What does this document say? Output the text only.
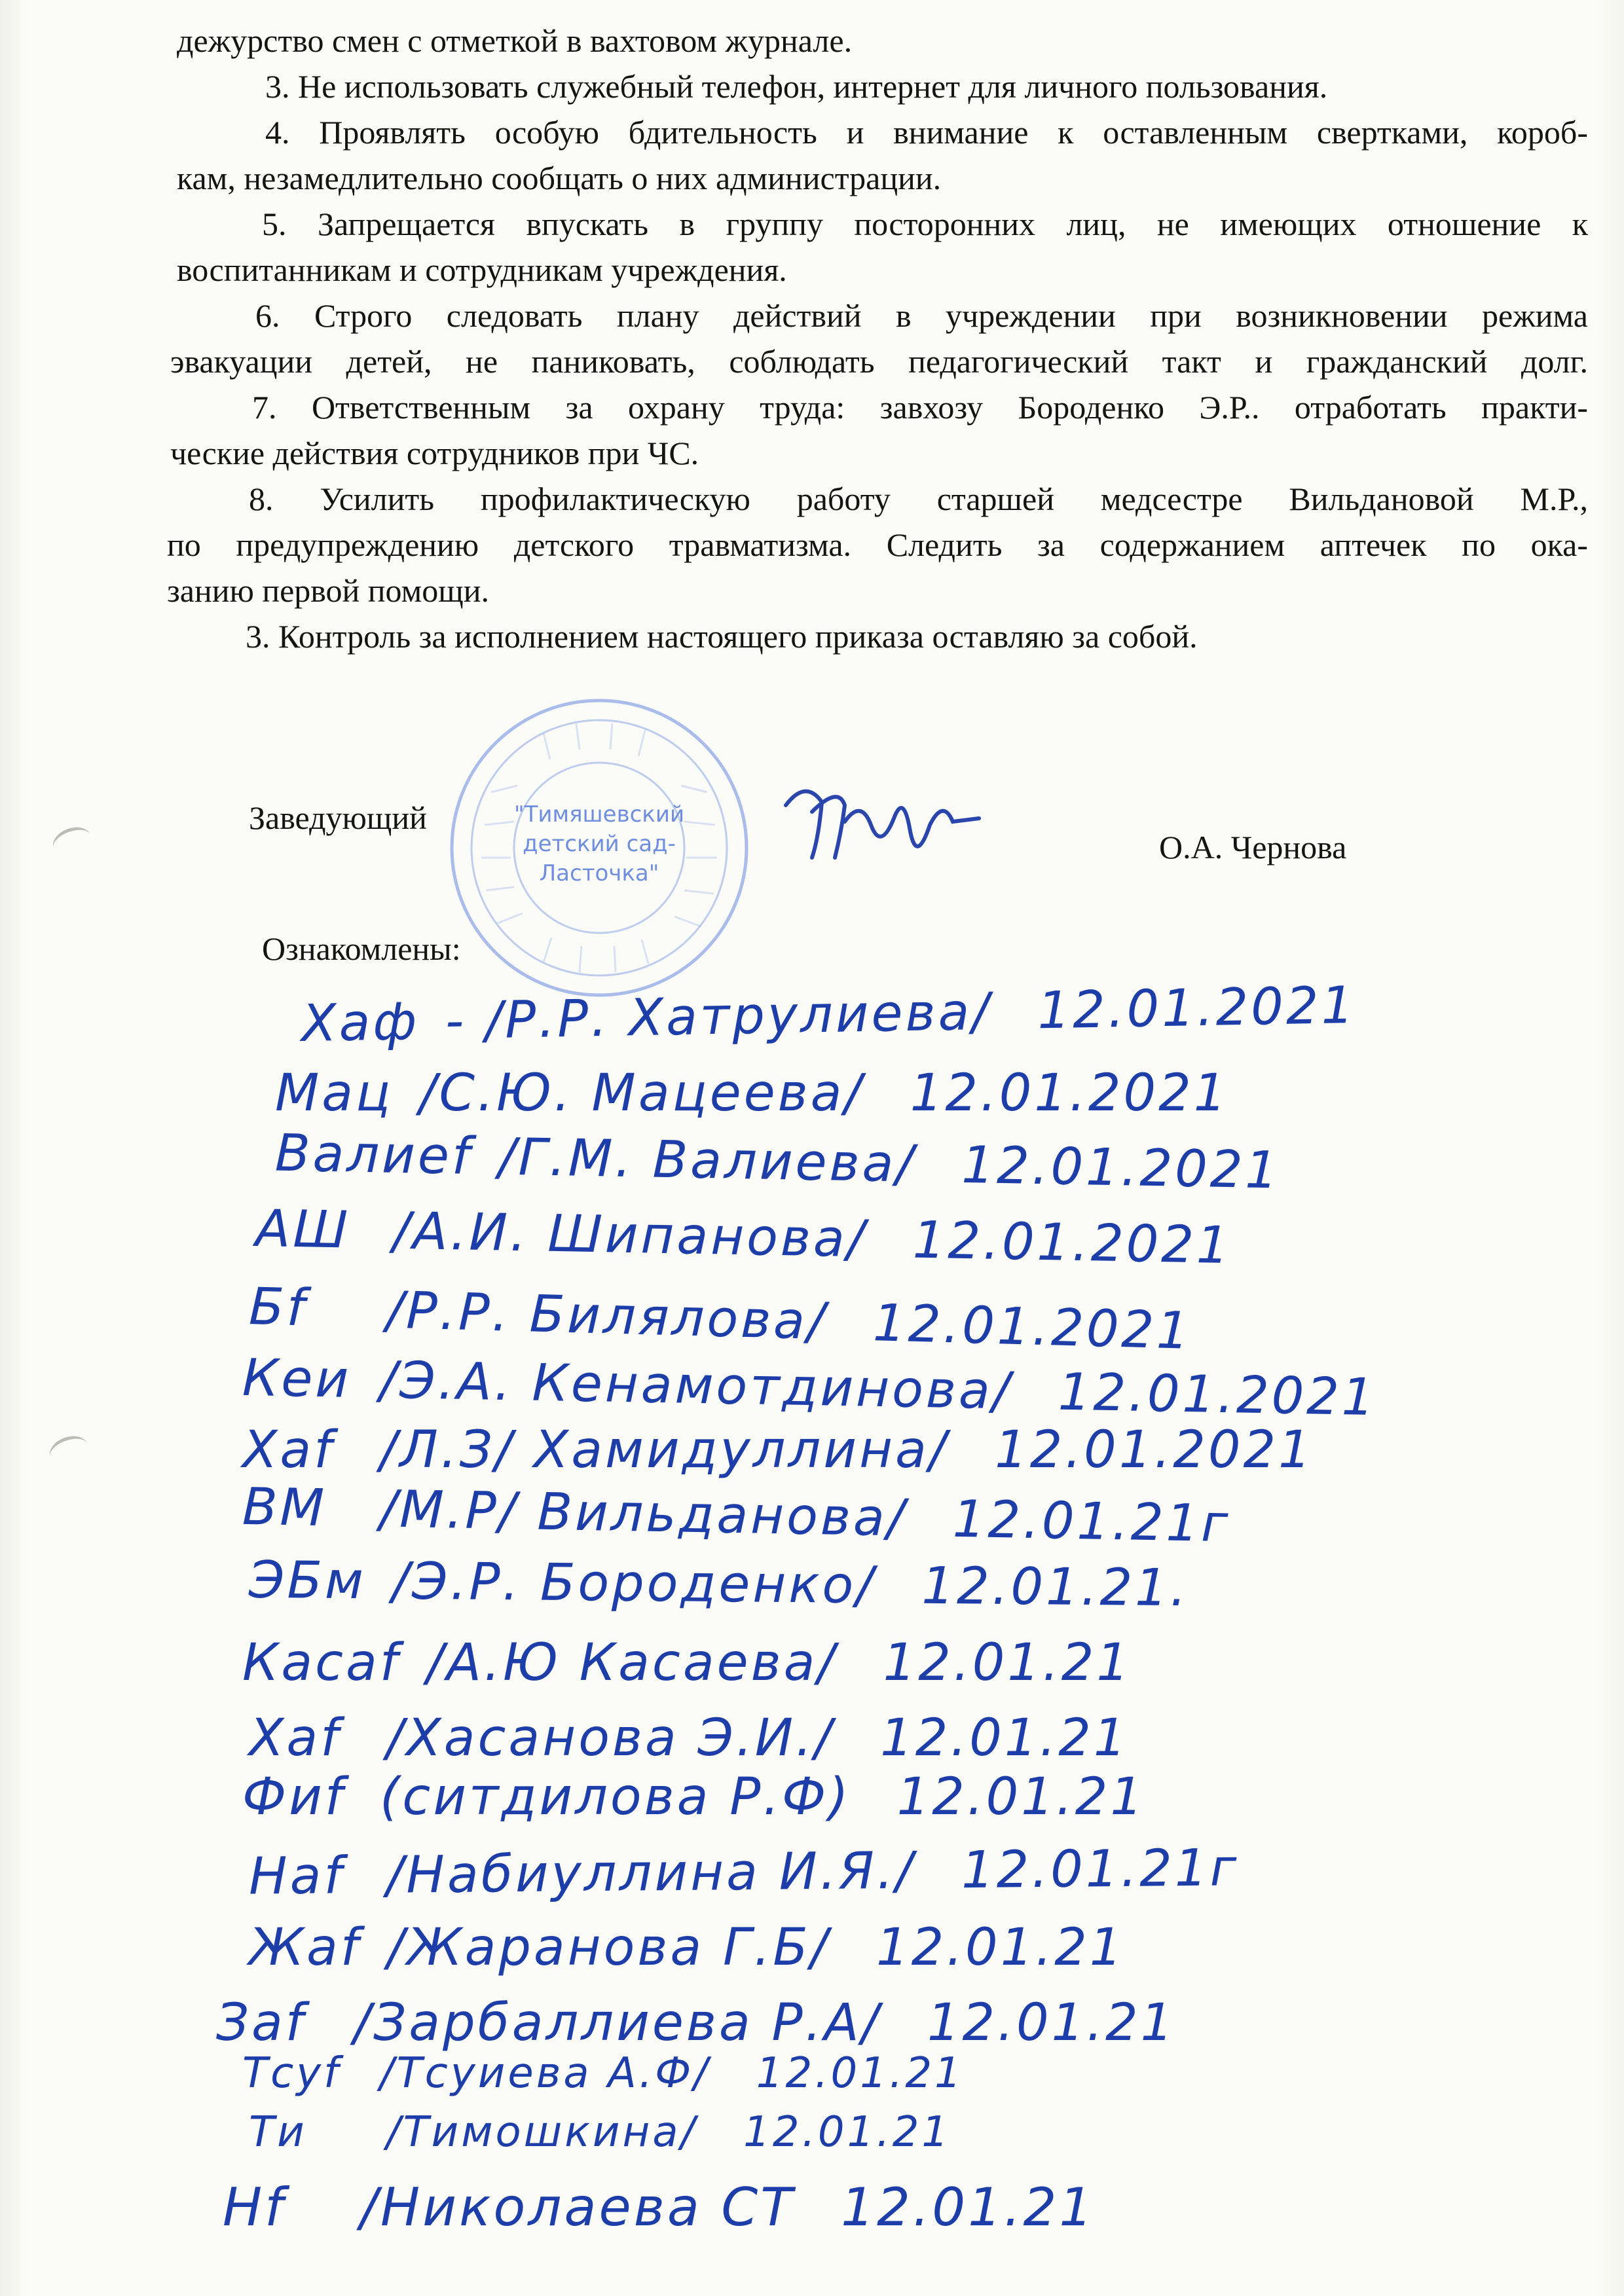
дежурство смен с отметкой в вахтовом журнале.
3. Не использовать служебный телефон, интернет для личного пользования.
4. Проявлять особую бдительность и внимание к оставленным свертками, короб-
кам, незамедлительно сообщать о них администрации.
5. Запрещается впускать в группу посторонних лиц, не имеющих отношение к
воспитанникам и сотрудникам учреждения.
6. Строго следовать плану действий в учреждении при возникновении режима
эвакуации детей, не паниковать, соблюдать педагогический такт и гражданский долг.
7. Ответственным за охрану труда: завхозу Бороденко Э.Р.. отработать практи-
ческие действия сотрудников при ЧС.
8. Усилить профилактическую работу старшей медсестре Вильдановой М.Р.,
по предупреждению детского травматизма. Следить за содержанием аптечек по ока-
занию первой помощи.
3. Контроль за исполнением настоящего приказа оставляю за собой.
"Тимяшевский
детский сад-
Ласточка"
Заведующий
О.А. Чернова
Ознакомлены:
Хаф - /Р.Р. Хатрулиева/ 12.01.2021
Мац /С.Ю. Мацеева/ 12.01.2021
Валиеf /Г.М. Валиева/ 12.01.2021
АШ /А.И. Шипанова/ 12.01.2021
Бf /Р.Р. Билялова/ 12.01.2021
Кеи /Э.А. Кенамотдинова/ 12.01.2021
Хаf /Л.З/ Хамидуллина/ 12.01.2021
ВМ /М.Р/ Вильданова/ 12.01.21г
ЭБм /Э.Р. Бороденко/ 12.01.21.
Касаf /А.Ю Касаева/ 12.01.21
Хаf /Хасанова Э.И./ 12.01.21
Фиf (ситдилова Р.Ф) 12.01.21
Наf /Набиуллина И.Я./ 12.01.21г
Жаf /Жаранова Г.Б/ 12.01.21
Заf /Зарбаллиева Р.А/ 12.01.21
Тсуf /Тсуиева А.Ф/ 12.01.21
Ти /Тимошкина/ 12.01.21
Нf /Николаева СТ 12.01.21
